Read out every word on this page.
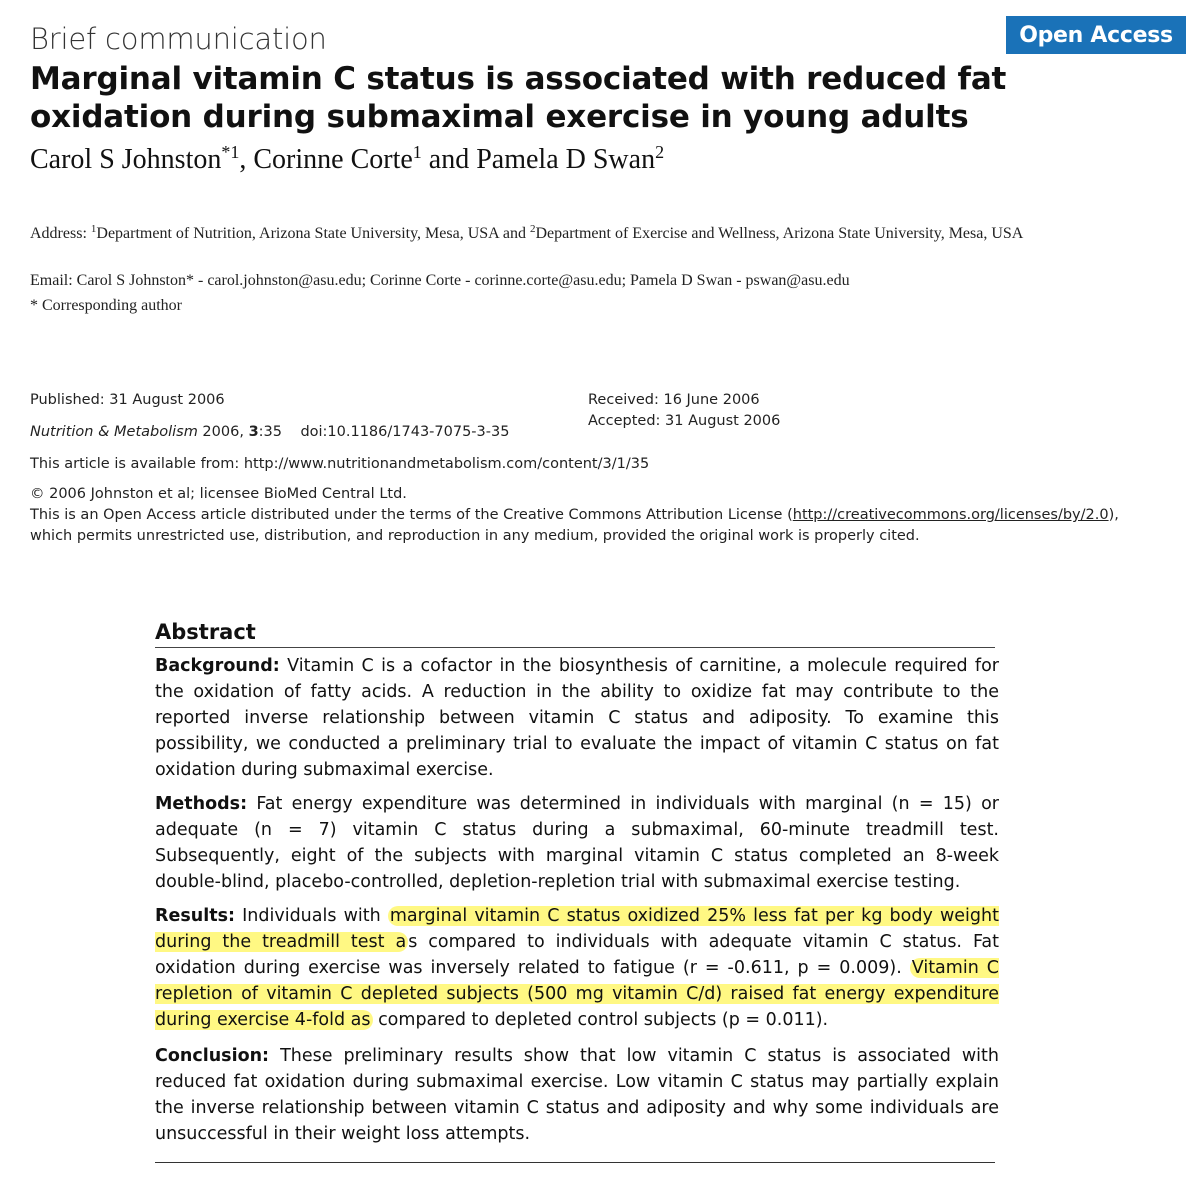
Brief communication	Open Access
Marginal vitamin C status is associated with reduced fat oxidation during submaximal exercise in young adults
Carol S Johnston$^{*1}$, Corinne Corte$^1$ and Pamela D Swan$^2$
Address: $^1$Department of Nutrition, Arizona State University, Mesa, USA and $^2$Department of Exercise and Wellness, Arizona State University, Mesa, USA
Email: Carol S Johnston* - carol.johnston@asu.edu; Corinne Corte - corinne.corte@asu.edu; Pamela D Swan - pswan@asu.edu
* Corresponding author
Published: 31 August 2006
Nutrition & Metabolism 2006, 3:35 doi:10.1186/1743-7075-3-35
Received: 16 June 2006
Accepted: 31 August 2006
This article is available from: http://www.nutritionandmetabolism.com/content/3/1/35
© 2006 Johnston et al; licensee BioMed Central Ltd.
This is an Open Access article distributed under the terms of the Creative Commons Attribution License (http://creativecommons.org/licenses/by/2.0),
which permits unrestricted use, distribution, and reproduction in any medium, provided the original work is properly cited.
Abstract
Background: Vitamin C is a cofactor in the biosynthesis of carnitine, a molecule required for the oxidation of fatty acids. A reduction in the ability to oxidize fat may contribute to the reported inverse relationship between vitamin C status and adiposity. To examine this possibility, we conducted a preliminary trial to evaluate the impact of vitamin C status on fat oxidation during submaximal exercise.
Methods: Fat energy expenditure was determined in individuals with marginal (n = 15) or adequate (n = 7) vitamin C status during a submaximal, 60-minute treadmill test. Subsequently, eight of the subjects with marginal vitamin C status completed an 8-week double-blind, placebo-controlled, depletion-repletion trial with submaximal exercise testing.
Results: Individuals with marginal vitamin C status oxidized 25% less fat per kg body weight during the treadmill test a s compared to individuals with adequate vitamin C status. Fat oxidation during exercise was inversely related to fatigue (r = -0.611, p = 0.009). Vitamin C repletion of vitamin C depleted subjects (500 mg vitamin C/d) raised fat energy expenditure during exercise 4-fold as compared to depleted control subjects (p = 0.011).
Conclusion: These preliminary results show that low vitamin C status is associated with reduced fat oxidation during submaximal exercise. Low vitamin C status may partially explain the inverse relationship between vitamin C status and adiposity and why some individuals are unsuccessful in their weight loss attempts.
